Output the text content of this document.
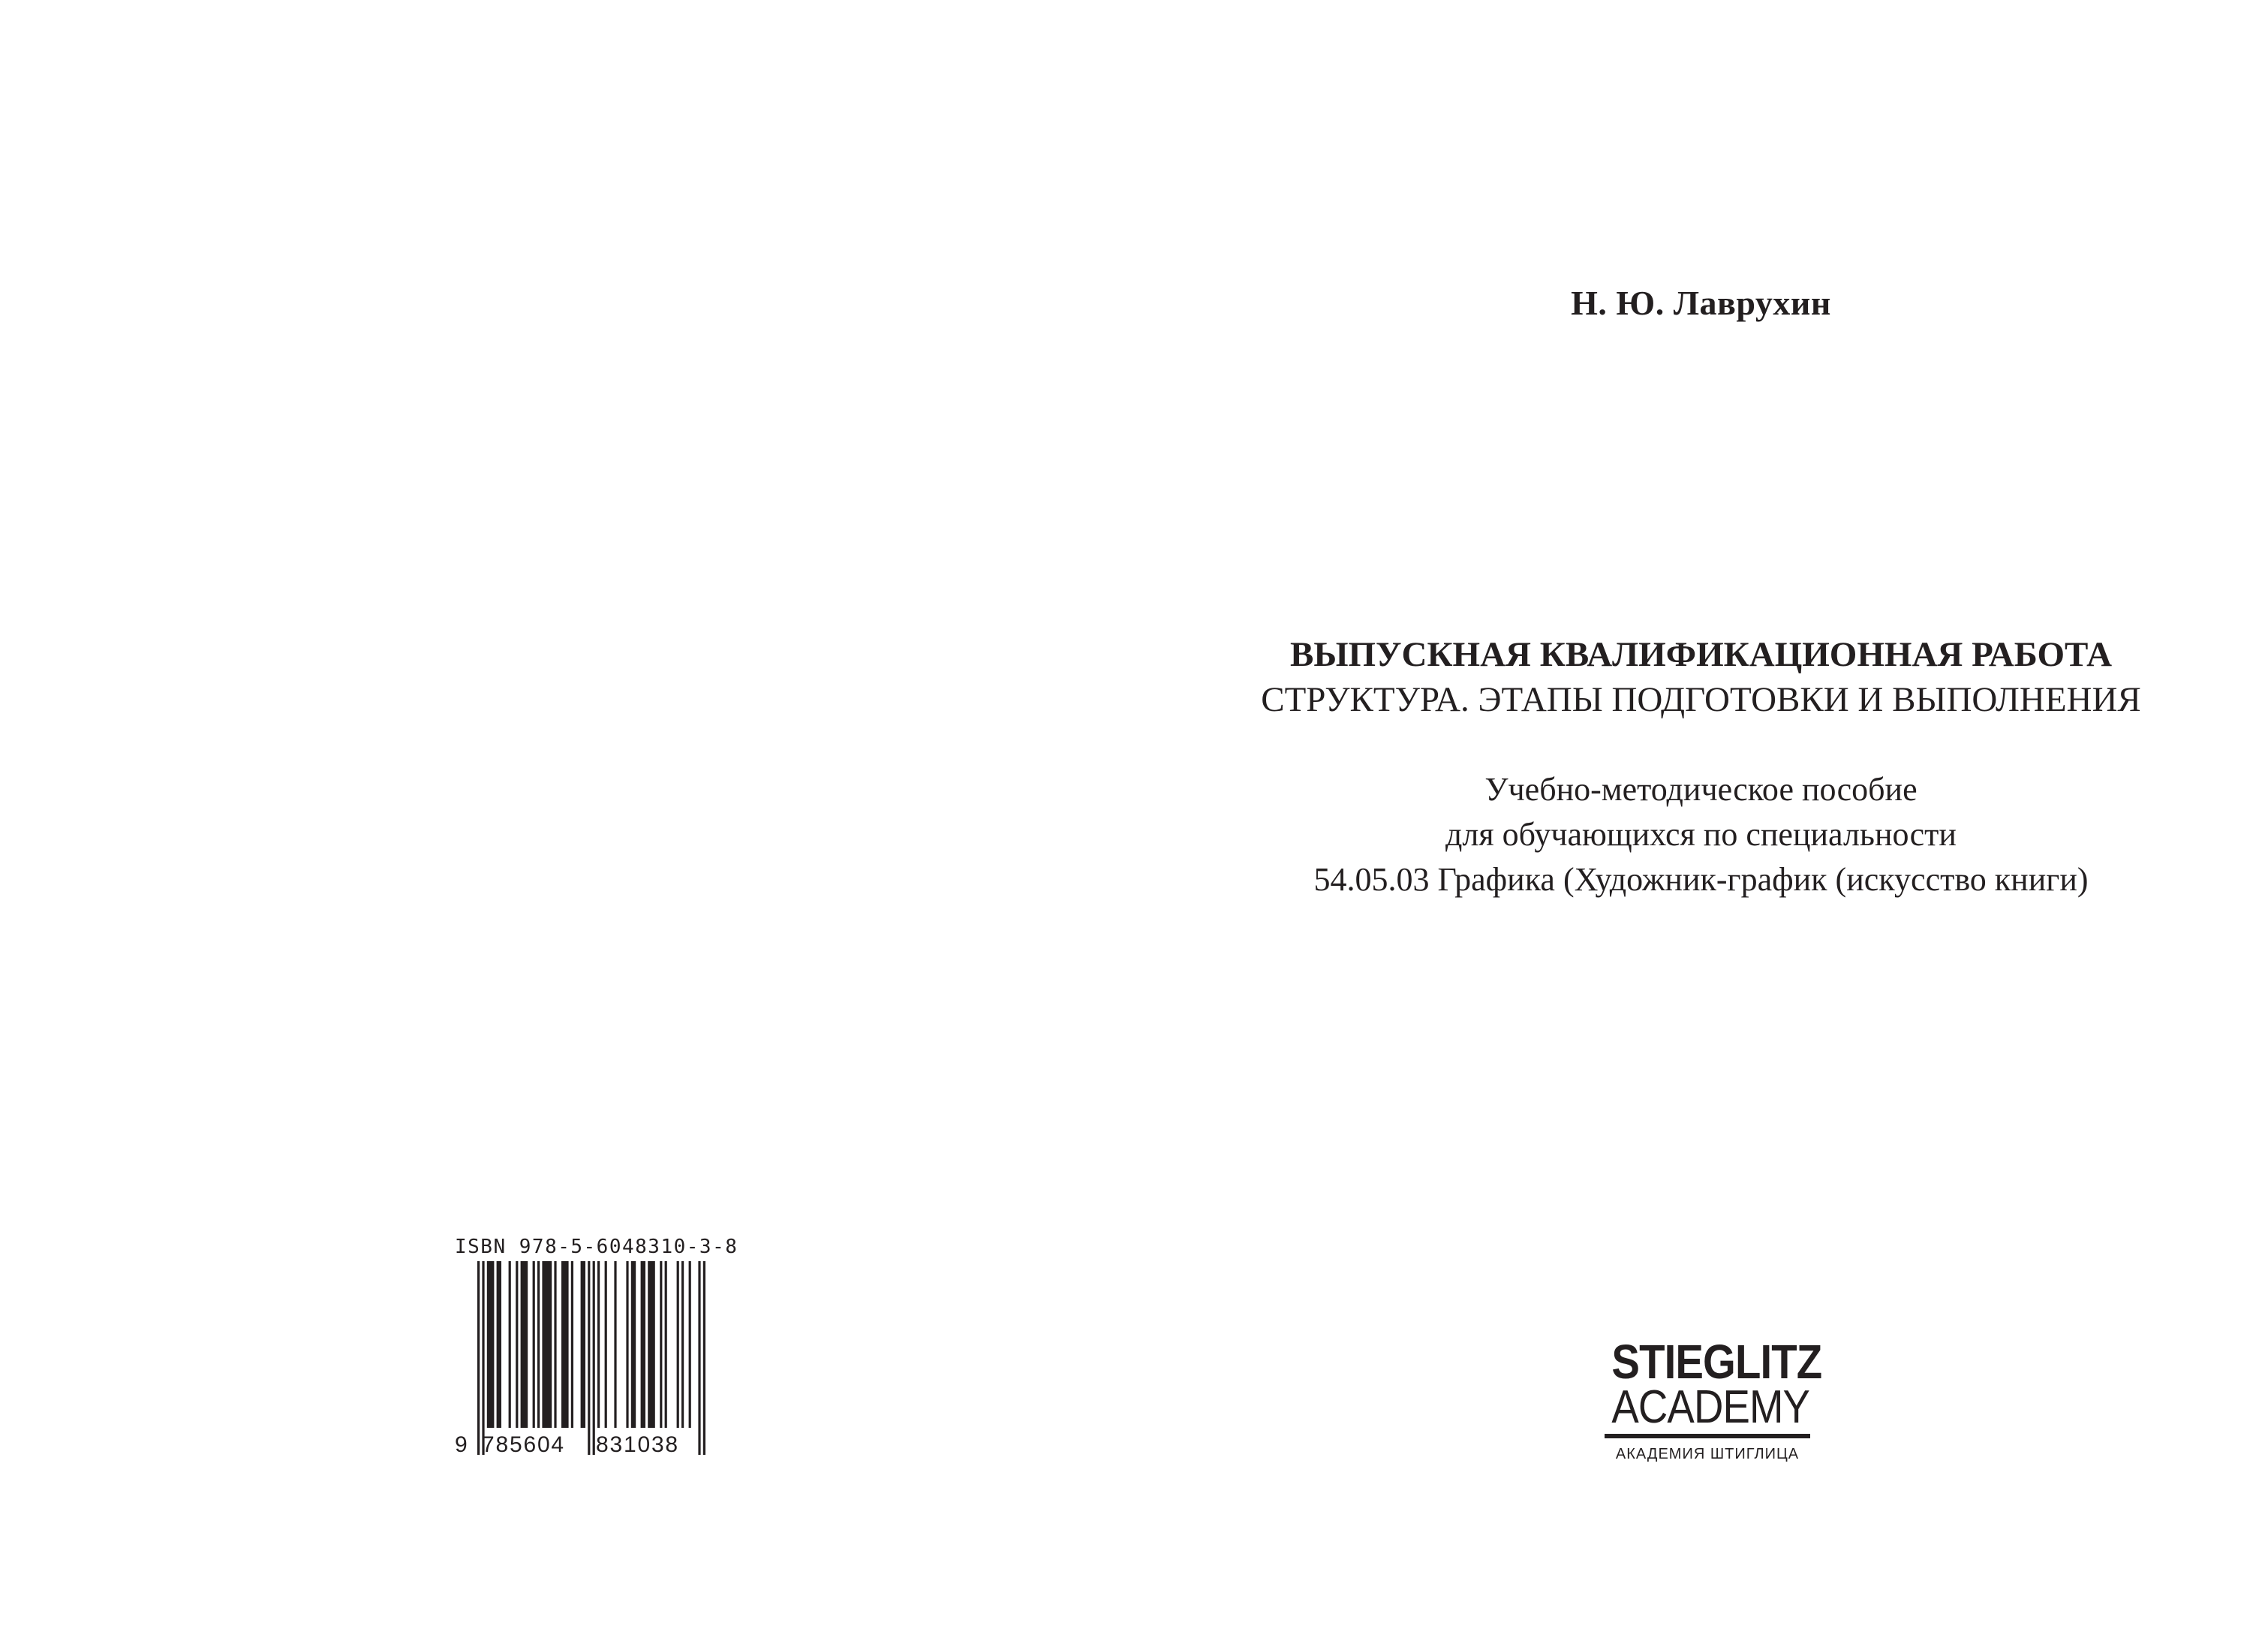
Н. Ю. Лаврухин
ВЫПУСКНАЯ КВАЛИФИКАЦИОННАЯ РАБОТА
СТРУКТУРА. ЭТАПЫ ПОДГОТОВКИ И ВЫПОЛНЕНИЯ
Учебно-методическое пособие
для обучающихся по специальности
54.05.03 Графика (Художник-график (искусство книги)
STIEGLITZ
ACADEMY
АКАДЕМИЯ ШТИГЛИЦА
ISBN 978-5-6048310-3-8
9 785604 831038
